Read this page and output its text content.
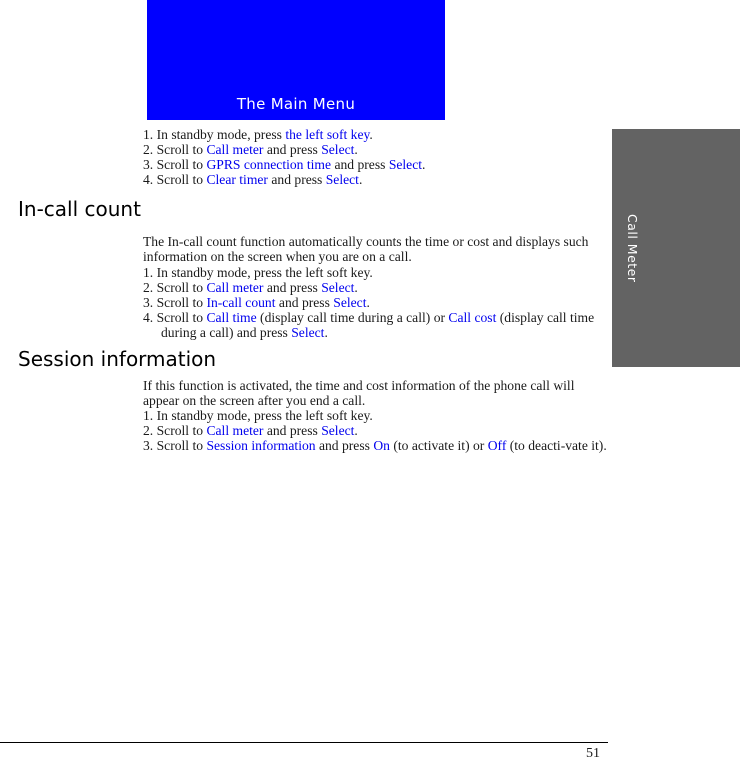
The Main Menu

1. In standby mode, press the left soft key.

2. Scroll to Call meter and press Select.

3. Scroll to GPRS connection time and press Select.

4. Scroll to Clear timer and press Select.

In-call count

The In-call count function automatically counts the time or cost and displays such information on the screen when you are on a call.

1. In standby mode, press the left soft key.

2. Scroll to Call meter and press Select.

3. Scroll to In-call count and press Select.

4. Scroll to Call time (display call time during a call) or Call cost (display call time during a call) and press Select.

Session information

If this function is activated, the time and cost information of the phone call will appear on the screen after you end a call.

1. In standby mode, press the left soft key.

2. Scroll to Call meter and press Select.

3. Scroll to Session information and press On (to activate it) or Off (to deacti-vate it).

Call Meter
51
